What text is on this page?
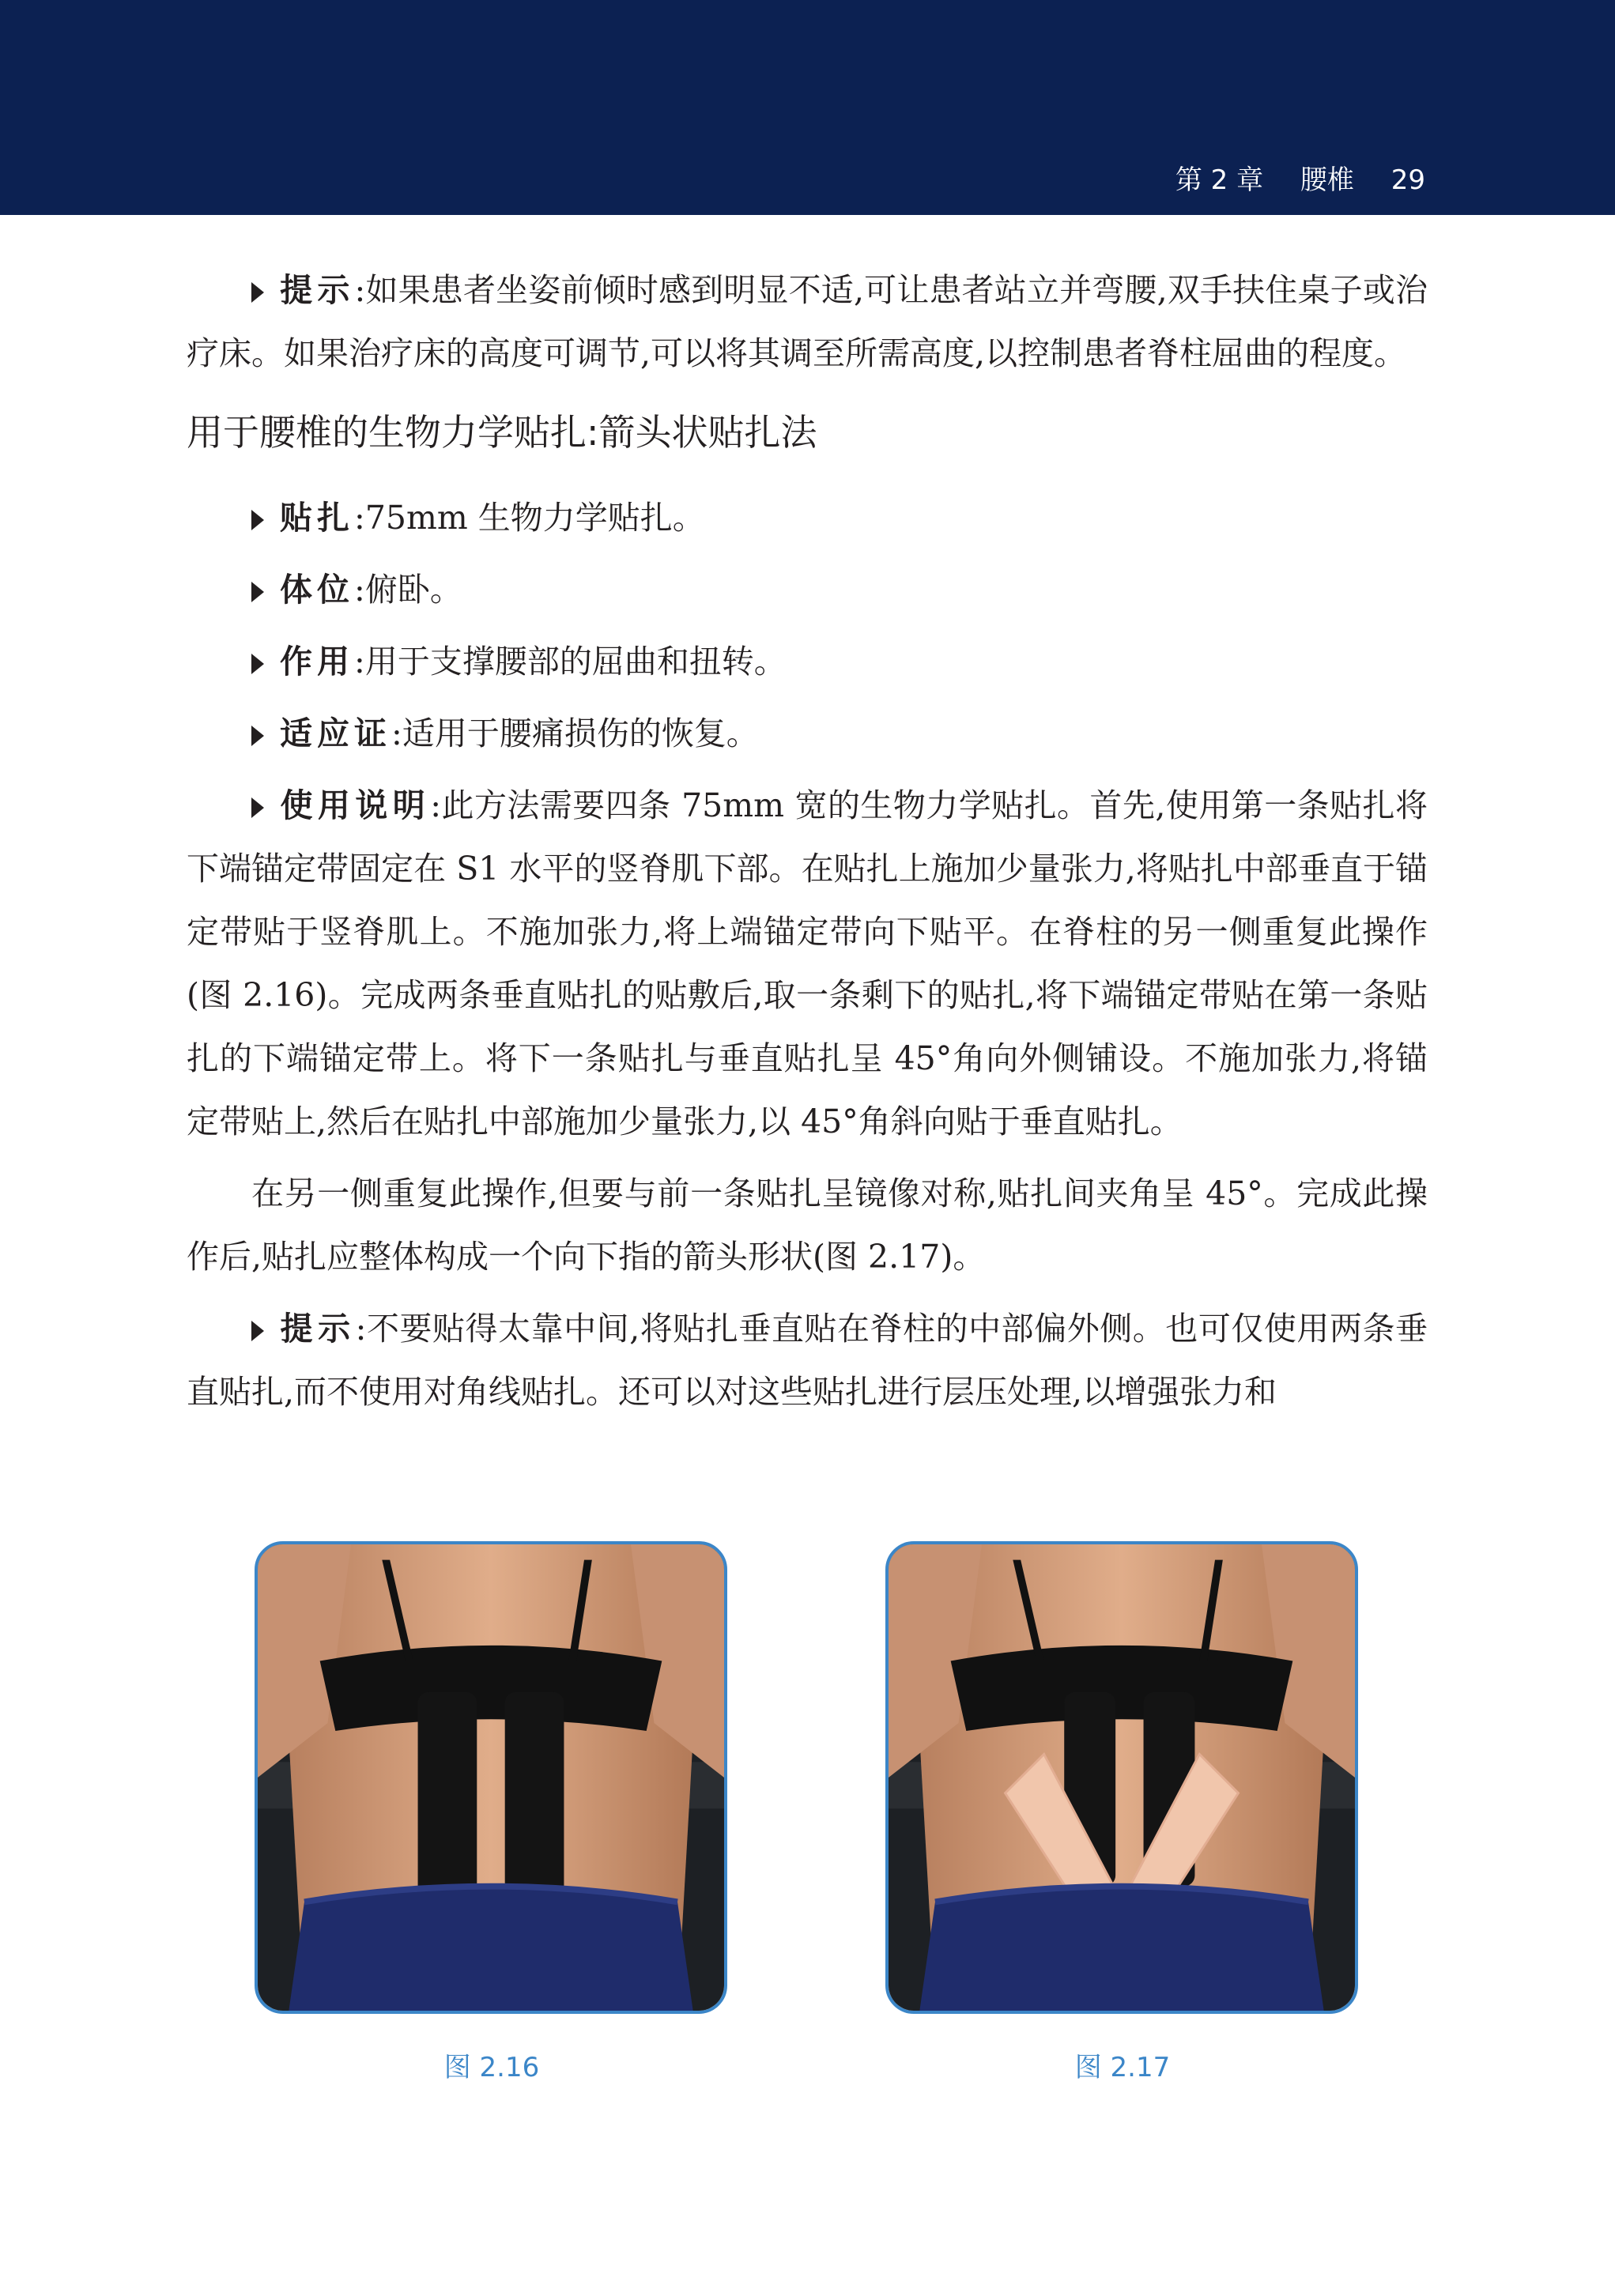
第 2 章 腰椎 29

提示:如果患者坐姿前倾时感到明显不适,可让患者站立并弯腰,双手扶住桌子或治疗床。如果治疗床的高度可调节,可以将其调至所需高度,以控制患者脊柱屈曲的程度。

用于腰椎的生物力学贴扎:箭头状贴扎法

贴扎:75mm 生物力学贴扎。

体位:俯卧。

作用:用于支撑腰部的屈曲和扭转。

适应证:适用于腰痛损伤的恢复。

使用说明:此方法需要四条 75mm 宽的生物力学贴扎。首先,使用第一条贴扎将下端锚定带固定在 S1 水平的竖脊肌下部。在贴扎上施加少量张力,将贴扎中部垂直于锚定带贴于竖脊肌上。不施加张力,将上端锚定带向下贴平。在脊柱的另一侧重复此操作(图 2.16)。完成两条垂直贴扎的贴敷后,取一条剩下的贴扎,将下端锚定带贴在第一条贴扎的下端锚定带上。将下一条贴扎与垂直贴扎呈 45°角向外侧铺设。不施加张力,将锚定带贴上,然后在贴扎中部施加少量张力,以 45°角斜向贴于垂直贴扎。

在另一侧重复此操作,但要与前一条贴扎呈镜像对称,贴扎间夹角呈 45°。完成此操作后,贴扎应整体构成一个向下指的箭头形状(图 2.17)。

提示:不要贴得太靠中间,将贴扎垂直贴在脊柱的中部偏外侧。也可仅使用两条垂直贴扎,而不使用对角线贴扎。还可以对这些贴扎进行层压处理,以增强张力和

图 2.16	图 2.17
